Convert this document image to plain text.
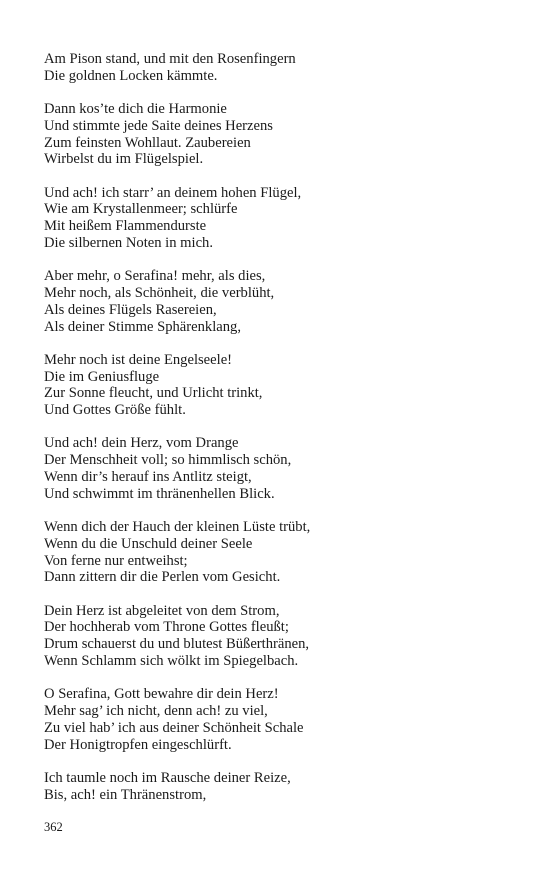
Am Pison stand, und mit den Rosenfingern
Die goldnen Locken kämmte.
Dann kos’te dich die Harmonie
Und stimmte jede Saite deines Herzens
Zum feinsten Wohllaut. Zaubereien
Wirbelst du im Flügelspiel.
Und ach! ich starr’ an deinem hohen Flügel,
Wie am Krystallenmeer; schlürfe
Mit heißem Flammendurste
Die silbernen Noten in mich.
Aber mehr, o Serafina! mehr, als dies,
Mehr noch, als Schönheit, die verblüht,
Als deines Flügels Rasereien,
Als deiner Stimme Sphärenklang,
Mehr noch ist deine Engelseele!
Die im Geniusfluge
Zur Sonne fleucht, und Urlicht trinkt,
Und Gottes Größe fühlt.
Und ach! dein Herz, vom Drange
Der Menschheit voll; so himmlisch schön,
Wenn dir’s herauf ins Antlitz steigt,
Und schwimmt im thränenhellen Blick.
Wenn dich der Hauch der kleinen Lüste trübt,
Wenn du die Unschuld deiner Seele
Von ferne nur entweihst;
Dann zittern dir die Perlen vom Gesicht.
Dein Herz ist abgeleitet von dem Strom,
Der hochherab vom Throne Gottes fleußt;
Drum schauerst du und blutest Büßerthränen,
Wenn Schlamm sich wölkt im Spiegelbach.
O Serafina, Gott bewahre dir dein Herz!
Mehr sag’ ich nicht, denn ach! zu viel,
Zu viel hab’ ich aus deiner Schönheit Schale
Der Honigtropfen eingeschlürft.
Ich taumle noch im Rausche deiner Reize,
Bis, ach! ein Thränenstrom,
362
